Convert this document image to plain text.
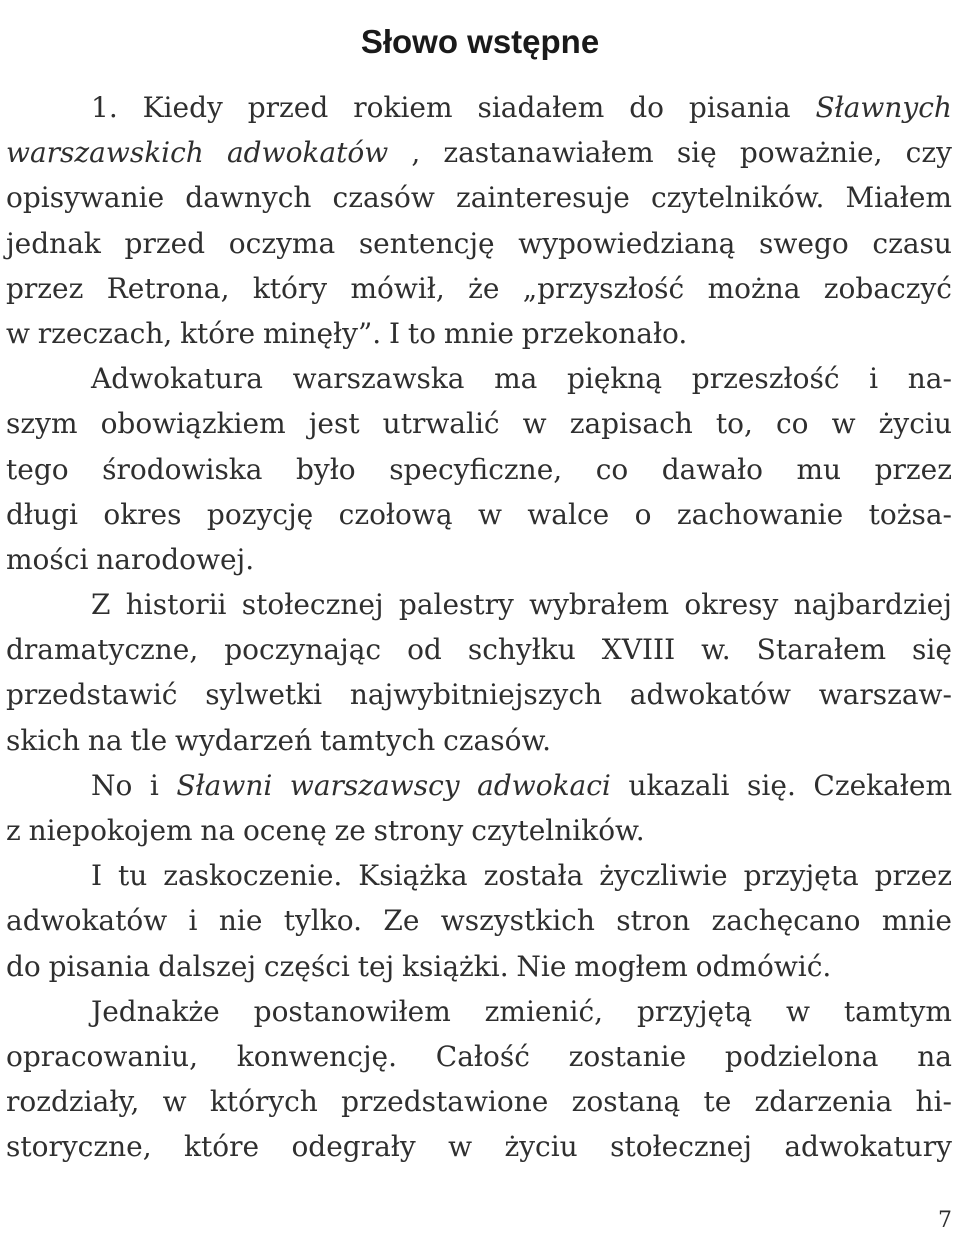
Słowo wstępne
1. Kiedy przed rokiem siadałem do pisania Sławnych
warszawskich adwokatów , zastanawiałem się poważnie, czy
opisywanie dawnych czasów zainteresuje czytelników. Miałem
jednak przed oczyma sentencję wypowiedzianą swego czasu
przez Retrona, który mówił, że „przyszłość można zobaczyć
w rzeczach, które minęły”. I to mnie przekonało.
Adwokatura warszawska ma piękną przeszłość i na-
szym obowiązkiem jest utrwalić w zapisach to, co w życiu
tego środowiska było specyficzne, co dawało mu przez
długi okres pozycję czołową w walce o zachowanie tożsa-
mości narodowej.
Z historii stołecznej palestry wybrałem okresy najbardziej
dramatyczne, poczynając od schyłku XVIII w. Starałem się
przedstawić sylwetki najwybitniejszych adwokatów warszaw-
skich na tle wydarzeń tamtych czasów.
No i Sławni warszawscy adwokaci ukazali się. Czekałem
z niepokojem na ocenę ze strony czytelników.
I tu zaskoczenie. Książka została życzliwie przyjęta przez
adwokatów i nie tylko. Ze wszystkich stron zachęcano mnie
do pisania dalszej części tej książki. Nie mogłem odmówić.
Jednakże postanowiłem zmienić, przyjętą w tamtym
opracowaniu, konwencję. Całość zostanie podzielona na
rozdziały, w których przedstawione zostaną te zdarzenia hi-
storyczne, które odegrały w życiu stołecznej adwokatury
7
